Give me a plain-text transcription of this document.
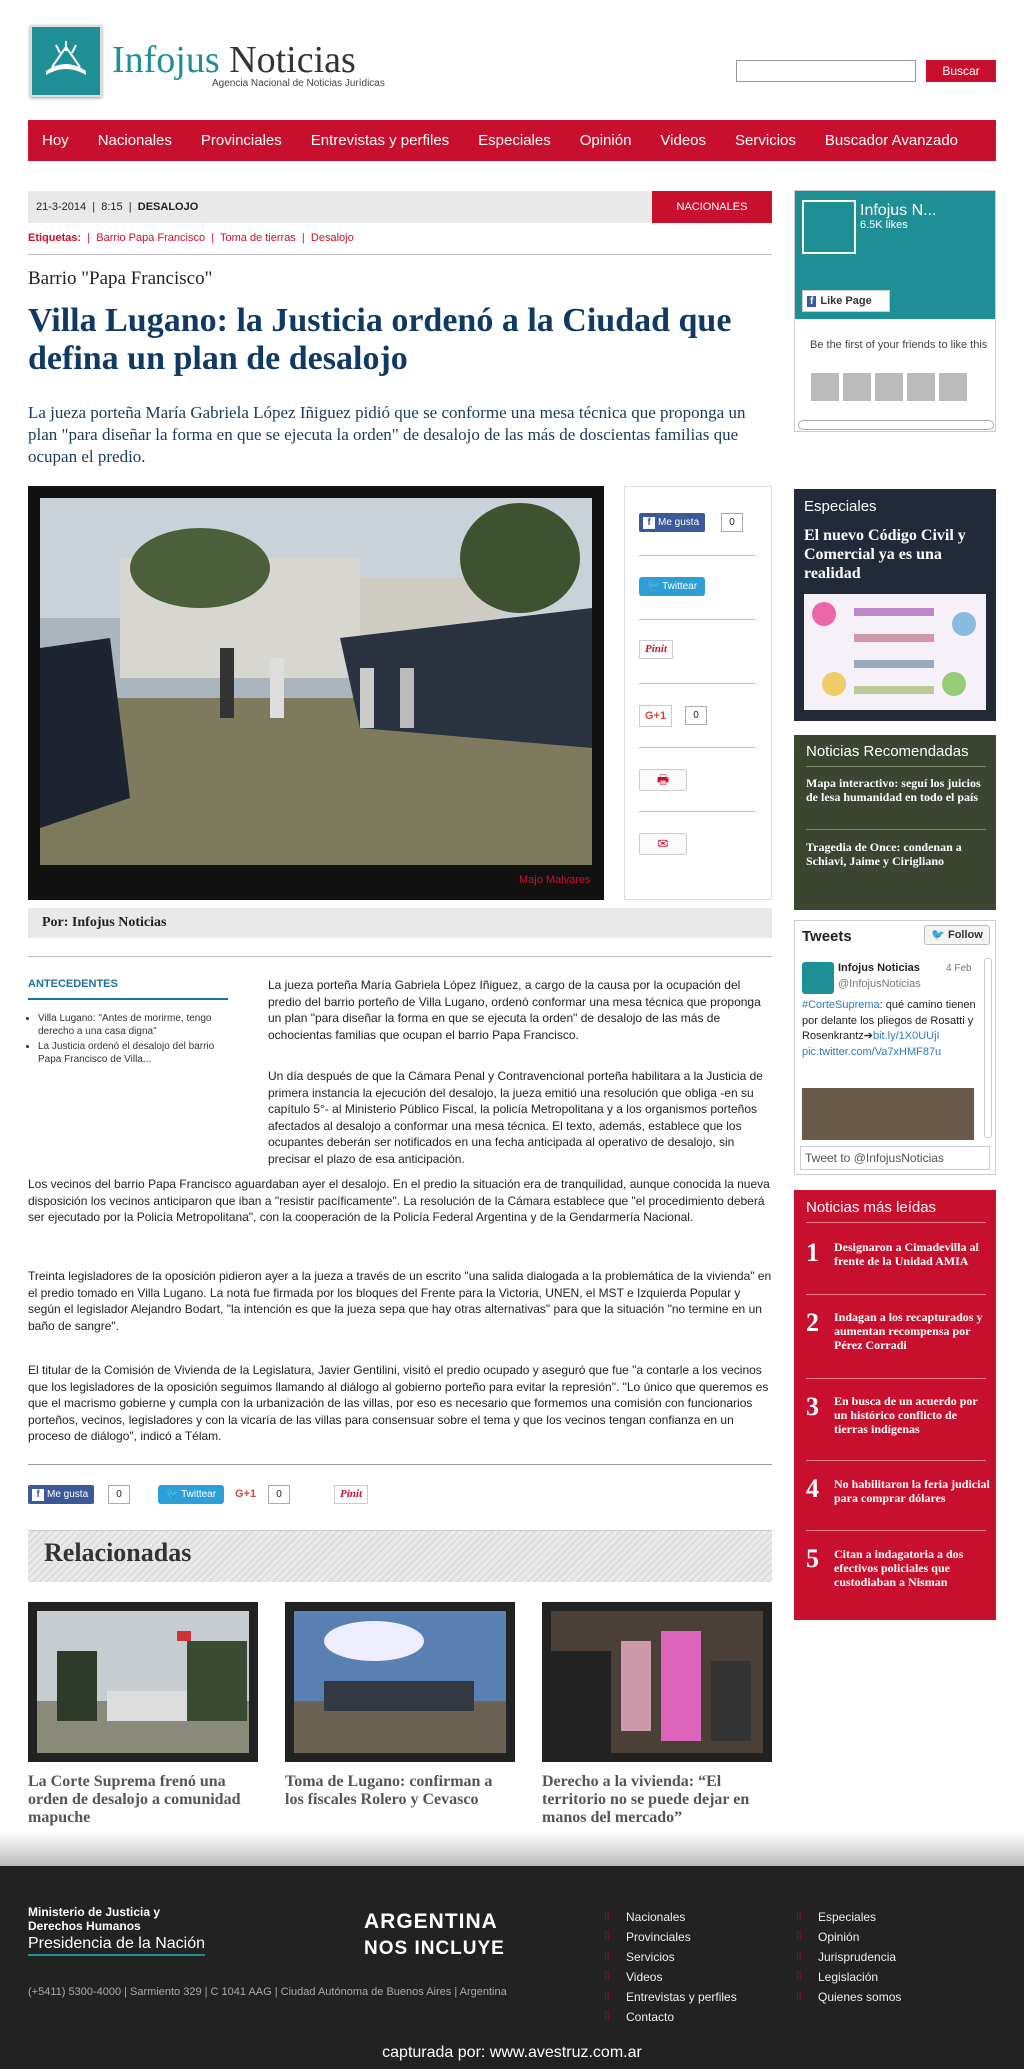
Infojus Noticias
Agencia Nacional de Noticias Jurídicas
Buscar
Hoy Nacionales Provinciales Entrevistas y perfiles Especiales Opinión Videos Servicios Buscador Avanzado
21-3-2014  |  8:15  |  DESALOJO	NACIONALES
Etiquetas:  |  Barrio Papa Francisco  |  Toma de tierras  |  Desalojo
Barrio "Papa Francisco"
Villa Lugano: la Justicia ordenó a la Ciudad que defina un plan de desalojo
La jueza porteña María Gabriela López Iñiguez pidió que se conforme una mesa técnica que proponga un plan "para diseñar la forma en que se ejecuta la orden" de desalojo de las más de doscientas familias que ocupan el predio.
Majo Malvares
f Me gusta	0
🐦 Twittear
Pinit
G+1	0
🖶
✉
Por: Infojus Noticias
ANTECEDENTES
• Villa Lugano: "Antes de morirme, tengo derecho a una casa digna"
• La Justicia ordenó el desalojo del barrio Papa Francisco de Villa...
La jueza porteña María Gabriela López Iñiguez, a cargo de la causa por la ocupación del predio del barrio porteño de Villa Lugano, ordenó conformar una mesa técnica que proponga un plan "para diseñar la forma en que se ejecuta la orden" de desalojo de las más de ochocientas familias que ocupan el barrio Papa Francisco.
Un día después de que la Cámara Penal y Contravencional porteña habilitara a la Justicia de primera instancia la ejecución del desalojo, la jueza emitió una resolución que obliga -en su capítulo 5°- al Ministerio Público Fiscal, la policía Metropolitana y a los organismos porteños afectados al desalojo a conformar una mesa técnica. El texto, además, establece que los ocupantes deberán ser notificados en una fecha anticipada al operativo de desalojo, sin precisar el plazo de esa anticipación.
Los vecinos del barrio Papa Francisco aguardaban ayer el desalojo. En el predio la situación era de tranquilidad, aunque conocida la nueva disposición los vecinos anticiparon que iban a "resistir pacíficamente". La resolución de la Cámara establece que "el procedimiento deberá ser ejecutado por la Policía Metropolitana", con la cooperación de la Policía Federal Argentina y de la Gendarmería Nacional.
Treinta legisladores de la oposición pidieron ayer a la jueza a través de un escrito "una salida dialogada a la problemática de la vivienda" en el predio tomado en Villa Lugano. La nota fue firmada por los bloques del Frente para la Victoria, UNEN, el MST e Izquierda Popular y según el legislador Alejandro Bodart, "la intención es que la jueza sepa que hay otras alternativas" para que la situación "no termine en un baño de sangre".
El titular de la Comisión de Vivienda de la Legislatura, Javier Gentilini, visitó el predio ocupado y aseguró que fue "a contarle a los vecinos que los legisladores de la oposición seguimos llamando al diálogo al gobierno porteño para evitar la represión". "Lo único que queremos es que el macrismo gobierne y cumpla con la urbanización de las villas, por eso es necesario que formemos una comisión con funcionarios porteños, vecinos, legisladores y con la vicaría de las villas para consensuar sobre el tema y que los vecinos tengan confianza en un proceso de diálogo", indicó a Télam.
f Me gusta	0	🐦 Twittear	G+1	0	Pinit
Relacionadas
La Corte Suprema frenó una orden de desalojo a comunidad mapuche
Toma de Lugano: confirman a los fiscales Rolero y Cevasco
Derecho a la vivienda: “El territorio no se puede dejar en manos del mercado”
Infojus N...
6.5K likes
f Like Page
Be the first of your friends to like this
Especiales
El nuevo Código Civil y Comercial ya es una realidad
Noticias Recomendadas
Mapa interactivo: seguí los juicios de lesa humanidad en todo el país
Tragedia de Once: condenan a Schiavi, Jaime y Cirigliano
Tweets	🐦 Follow
Infojus Noticias
@InfojusNoticias
4 Feb
#CorteSuprema: qué camino tienen por delante los pliegos de Rosatti y Rosenkrantz➔bit.ly/1X0UUjI pic.twitter.com/Va7xHMF87u
Tweet to @InfojusNoticias
Noticias más leídas
1 Designaron a Cimadevilla al frente de la Unidad AMIA
2 Indagan a los recapturados y aumentan recompensa por Pérez Corradi
3 En busca de un acuerdo por un histórico conflicto de tierras indígenas
4 No habilitaron la feria judicial para comprar dólares
5 Citan a indagatoria a dos efectivos policiales que custodiaban a Nisman
Ministerio de Justicia y Derechos Humanos
Presidencia de la Nación
ARGENTINA
NOS INCLUYE
(+5411) 5300-4000 | Sarmiento 329 | C 1041 AAG | Ciudad Autónoma de Buenos Aires | Argentina
⁞⁞ Nacionales
⁞⁞ Provinciales
⁞⁞ Servicios
⁞⁞ Videos
⁞⁞ Entrevistas y perfiles
⁞⁞ Contacto
⁞⁞ Especiales
⁞⁞ Opinión
⁞⁞ Jurisprudencia
⁞⁞ Legislación
⁞⁞ Quienes somos
capturada por: www.avestruz.com.ar
